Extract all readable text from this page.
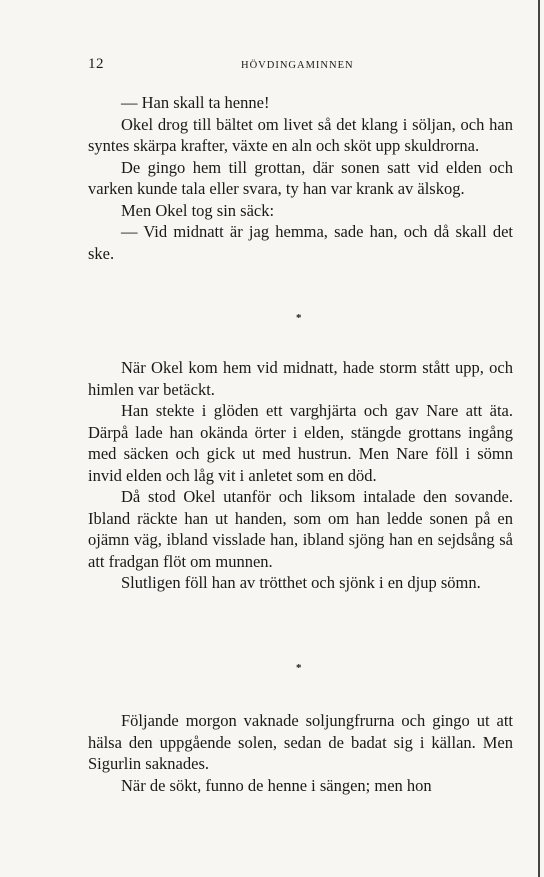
12	HÖVDINGAMINNEN

— Han skall ta henne!

Okel drog till bältet om livet så det klang i sölјan, och han syntes skärpa krafter, växte en aln och sköt upp skuldrorna.

De gingo hem till grottan, där sonen satt vid elden och varken kunde tala eller svara, ty han var krank av älskog.

Men Okel tog sin säck:

— Vid midnatt är jag hemma, sade han, och då skall det ske.

*

När Okel kom hem vid midnatt, hade storm stått upp, och himlen var betäckt.

Han stekte i glöden ett varghjärta och gav Nare att äta. Därpå lade han okända örter i elden, stängde grottans ingång med säcken och gick ut med hustrun. Men Nare föll i sömn invid elden och låg vit i anletet som en död.

Då stod Okel utanför och liksom intalade den sovande. Ibland räckte han ut handen, som om han ledde sonen på en ojämn väg, ibland visslade han, ibland sjöng han en sejdsång så att fradgan flöt om munnen.

Slutligen föll han av trötthet och sjönk i en djup sömn.

*

Följande morgon vaknade soljungfrurna och gingo ut att hälsa den uppgående solen, sedan de badat sig i källan. Men Sigurlin saknades.

När de sökt, funno de henne i sängen; men hon
